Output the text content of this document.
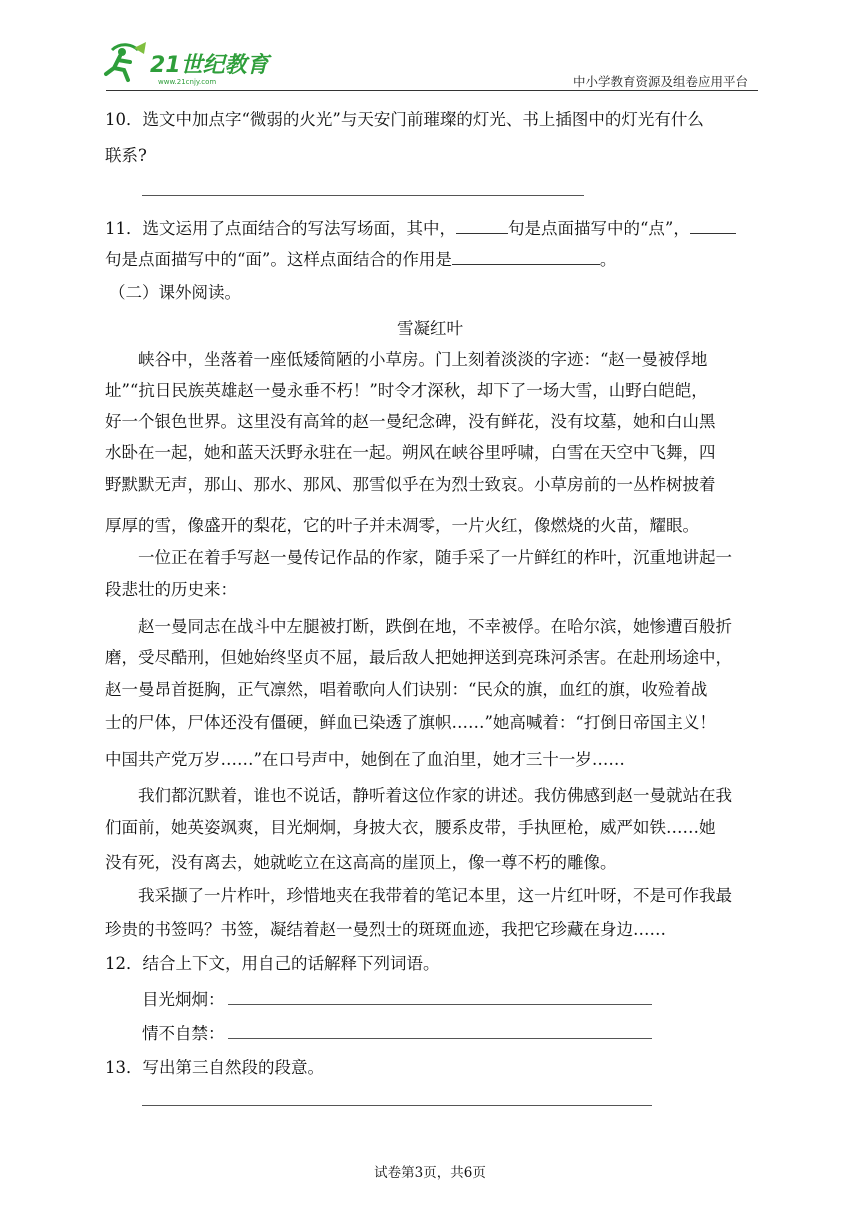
21世纪教育
www.21cnjy.com	中小学教育资源及组卷应用平台
10．选文中加点字“微弱的火光”与天安门前璀璨的灯光、书上插图中的灯光有什么
联系?
11．选文运用了点面结合的写法写场面，其中，	句是点面描写中的“点”，
句是点面描写中的“面”。这样点面结合的作用是	。
（二）课外阅读。
雪凝红叶
峡谷中，坐落着一座低矮简陋的小草房。门上刻着淡淡的字迹：“赵一曼被俘地
址”“抗日民族英雄赵一曼永垂不朽！”时令才深秋，却下了一场大雪，山野白皑皑，
好一个银色世界。这里没有高耸的赵一曼纪念碑，没有鲜花，没有坟墓，她和白山黑
水卧在一起，她和蓝天沃野永驻在一起。朔风在峡谷里呼啸，白雪在天空中飞舞，四
野默默无声，那山、那水、那风、那雪似乎在为烈士致哀。小草房前的一丛柞树披着
厚厚的雪，像盛开的梨花，它的叶子并未凋零，一片火红，像燃烧的火苗，耀眼。
一位正在着手写赵一曼传记作品的作家，随手采了一片鲜红的柞叶，沉重地讲起一
段悲壮的历史来：
赵一曼同志在战斗中左腿被打断，跌倒在地，不幸被俘。在哈尔滨，她惨遭百般折
磨，受尽酷刑，但她始终坚贞不屈，最后敌人把她押送到亮珠河杀害。在赴刑场途中，
赵一曼昂首挺胸，正气凛然，唱着歌向人们诀别：“民众的旗，血红的旗，收殓着战
士的尸体，尸体还没有僵硬，鲜血已染透了旗帜……”她高喊着：“打倒日帝国主义！
中国共产党万岁……”在口号声中，她倒在了血泊里，她才三十一岁……
我们都沉默着，谁也不说话，静听着这位作家的讲述。我仿佛感到赵一曼就站在我
们面前，她英姿飒爽，目光炯炯，身披大衣，腰系皮带，手执匣枪，威严如铁……她
没有死，没有离去，她就屹立在这高高的崖顶上，像一尊不朽的雕像。
我采撷了一片柞叶，珍惜地夹在我带着的笔记本里，这一片红叶呀，不是可作我最
珍贵的书签吗？书签，凝结着赵一曼烈士的斑斑血迹，我把它珍藏在身边……
12．结合上下文，用自己的话解释下列词语。
目光炯炯：
情不自禁：
13．写出第三自然段的段意。
试卷第3页，共6页
